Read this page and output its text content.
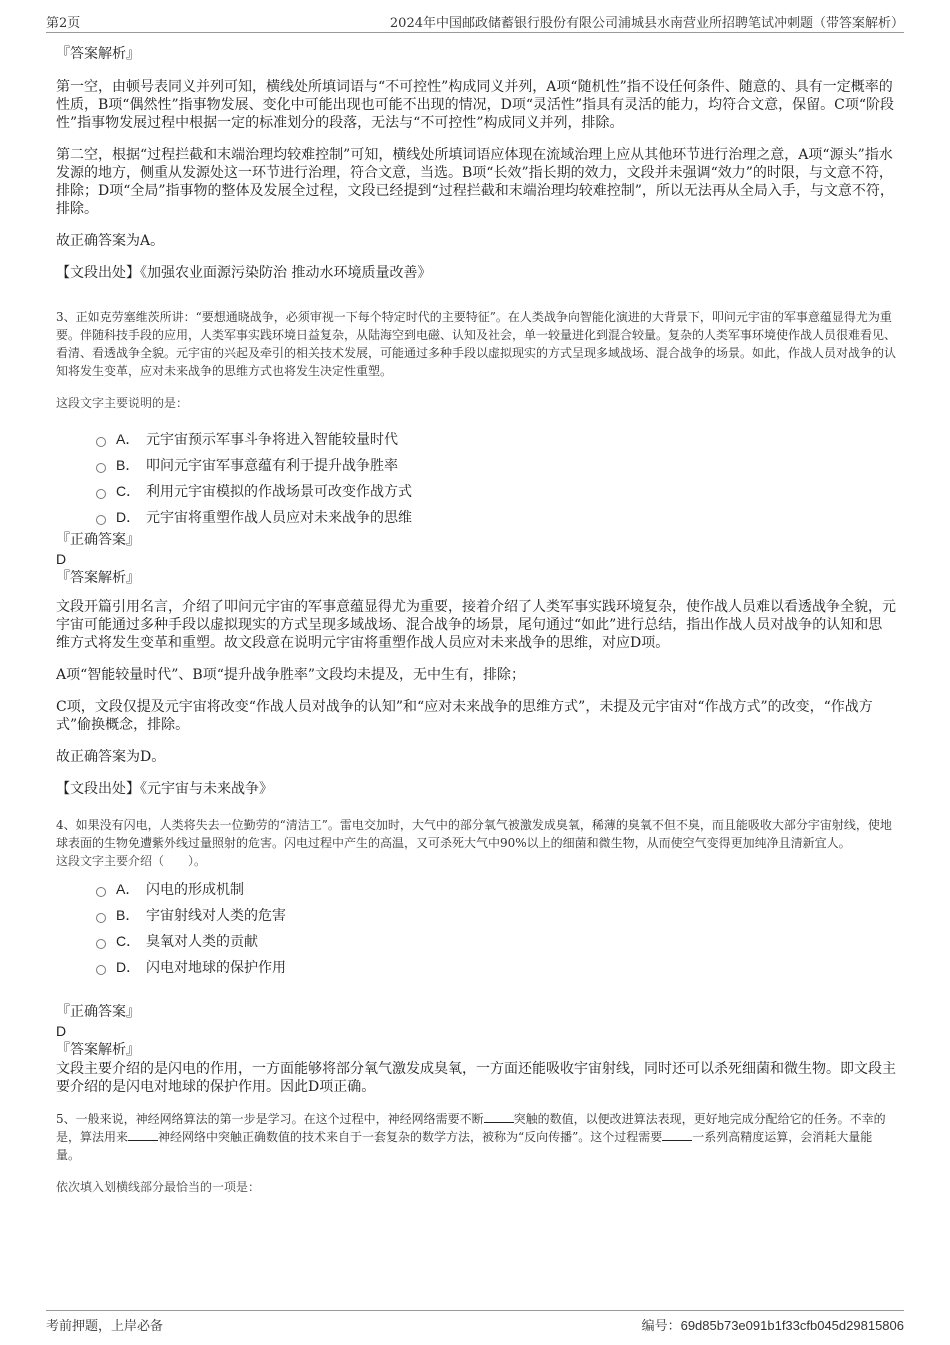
第2页	2024年中国邮政储蓄银行股份有限公司浦城县水南营业所招聘笔试冲刺题（带答案解析）

『答案解析』

第一空，由顿号表同义并列可知，横线处所填词语与“不可控性”构成同义并列，A项“随机性”指不设任何条件、随意的、具有一定概率的性质，B项“偶然性”指事物发展、变化中可能出现也可能不出现的情况，D项“灵活性”指具有灵活的能力，均符合文意，保留。C项“阶段性”指事物发展过程中根据一定的标准划分的段落，无法与“不可控性”构成同义并列，排除。

第二空，根据“过程拦截和末端治理均较难控制”可知，横线处所填词语应体现在流域治理上应从其他环节进行治理之意，A项“源头”指水发源的地方，侧重从发源处这一环节进行治理，符合文意，当选。B项“长效”指长期的效力，文段并未强调“效力”的时限，与文意不符，排除；D项“全局”指事物的整体及发展全过程，文段已经提到“过程拦截和末端治理均较难控制”，所以无法再从全局入手，与文意不符，排除。

故正确答案为A。

【文段出处】《加强农业面源污染防治 推动水环境质量改善》

3、正如克劳塞维茨所讲：“要想通晓战争，必须审视一下每个特定时代的主要特征”。在人类战争向智能化演进的大背景下，叩问元宇宙的军事意蕴显得尤为重要。伴随科技手段的应用，人类军事实践环境日益复杂，从陆海空到电磁、认知及社会，单一较量进化到混合较量。复杂的人类军事环境使作战人员很难看见、看清、看透战争全貌。元宇宙的兴起及牵引的相关技术发展，可能通过多种手段以虚拟现实的方式呈现多域战场、混合战争的场景。如此，作战人员对战争的认知将发生变革，应对未来战争的思维方式也将发生决定性重塑。

这段文字主要说明的是：

A． 元宇宙预示军事斗争将进入智能较量时代
B． 叩问元宇宙军事意蕴有利于提升战争胜率
C． 利用元宇宙模拟的作战场景可改变作战方式
D． 元宇宙将重塑作战人员应对未来战争的思维

『正确答案』

D

『答案解析』

文段开篇引用名言，介绍了叩问元宇宙的军事意蕴显得尤为重要，接着介绍了人类军事实践环境复杂，使作战人员难以看透战争全貌，元宇宙可能通过多种手段以虚拟现实的方式呈现多域战场、混合战争的场景，尾句通过“如此”进行总结，指出作战人员对战争的认知和思维方式将发生变革和重塑。故文段意在说明元宇宙将重塑作战人员应对未来战争的思维，对应D项。

A项“智能较量时代”、B项“提升战争胜率”文段均未提及，无中生有，排除；

C项，文段仅提及元宇宙将改变“作战人员对战争的认知”和“应对未来战争的思维方式”，未提及元宇宙对“作战方式”的改变，“作战方式”偷换概念，排除。

故正确答案为D。

【文段出处】《元宇宙与未来战争》

4、如果没有闪电，人类将失去一位勤劳的“清洁工”。雷电交加时，大气中的部分氧气被激发成臭氧，稀薄的臭氧不但不臭，而且能吸收大部分宇宙射线，使地球表面的生物免遭紫外线过量照射的危害。闪电过程中产生的高温，又可杀死大气中90%以上的细菌和微生物，从而使空气变得更加纯净且清新宜人。

这段文字主要介绍（　　）。

A． 闪电的形成机制
B． 宇宙射线对人类的危害
C． 臭氧对人类的贡献
D． 闪电对地球的保护作用

『正确答案』

D

『答案解析』

文段主要介绍的是闪电的作用，一方面能够将部分氧气激发成臭氧，一方面还能吸收宇宙射线，同时还可以杀死细菌和微生物。即文段主要介绍的是闪电对地球的保护作用。因此D项正确。

5、一般来说，神经网络算法的第一步是学习。在这个过程中，神经网络需要不断	突触的数值，以便改进算法表现，更好地完成分配给它的任务。不幸的是，算法用来	神经网络中突触正确数值的技术来自于一套复杂的数学方法，被称为“反向传播”。这个过程需要	一系列高精度运算，会消耗大量能量。

依次填入划横线部分最恰当的一项是：

考前押题，上岸必备	编号：69d85b73e091b1f33cfb045d29815806
